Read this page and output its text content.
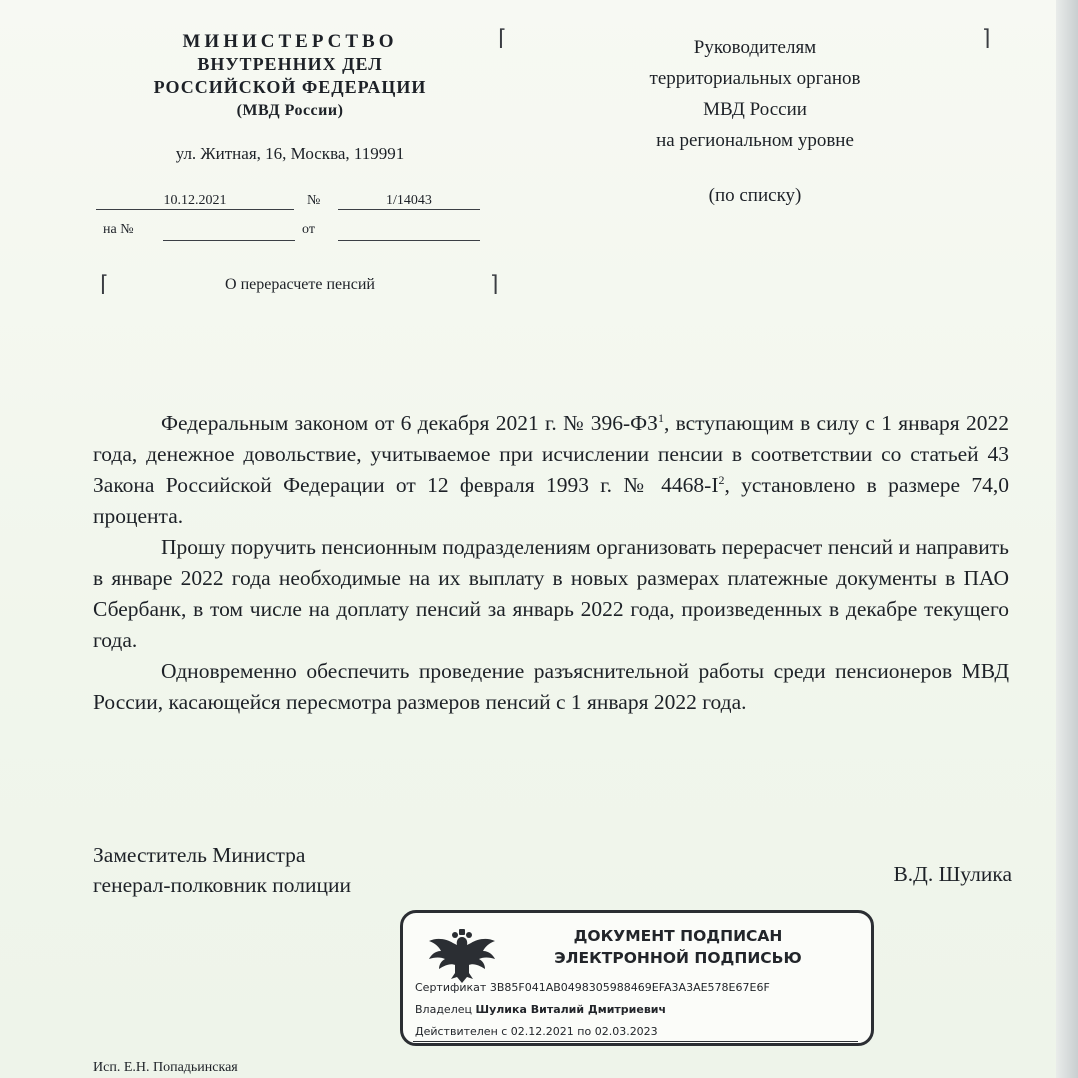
МИНИСТЕРСТВО
ВНУТРЕННИХ ДЕЛ
РОССИЙСКОЙ ФЕДЕРАЦИИ
(МВД России)
ул. Житная, 16, Москва, 119991
10.12.2021	№	1/14043
на №	от
⌈	О перерасчете пенсий	⌉
⌈	Руководителям
территориальных органов
МВД России
на региональном уровне
⌉
(по списку)

Федеральным законом от 6 декабря 2021 г. № $396-ФЗ^1$, вступающим в силу с 1 января 2022 года, денежное довольствие, учитываемое при исчислении пенсии в соответствии со статьей 43 Закона Российской Федерации от 12 февраля 1993 г. № $4468-I^2$, установлено в размере 74,0 процента.

Прошу поручить пенсионным подразделениям организовать перерасчет пенсий и направить в январе 2022 года необходимые на их выплату в новых размерах платежные документы в ПАО Сбербанк, в том числе на доплату пенсий за январь 2022 года, произведенных в декабре текущего года.

Одновременно обеспечить проведение разъяснительной работы среди пенсионеров МВД России, касающейся пересмотра размеров пенсий с 1 января 2022 года.

Заместитель Министра
генерал-полковник полиции	В.Д. Шулика
ДОКУМЕНТ ПОДПИСАН
ЭЛЕКТРОННОЙ ПОДПИСЬЮ
Сертификат 3B85F041AB0498305988469EFA3A3AE578E67E6F
Владелец Шулика Виталий Дмитриевич
Действителен с 02.12.2021 по 02.03.2023
Исп. Е.Н. Попадьинская
